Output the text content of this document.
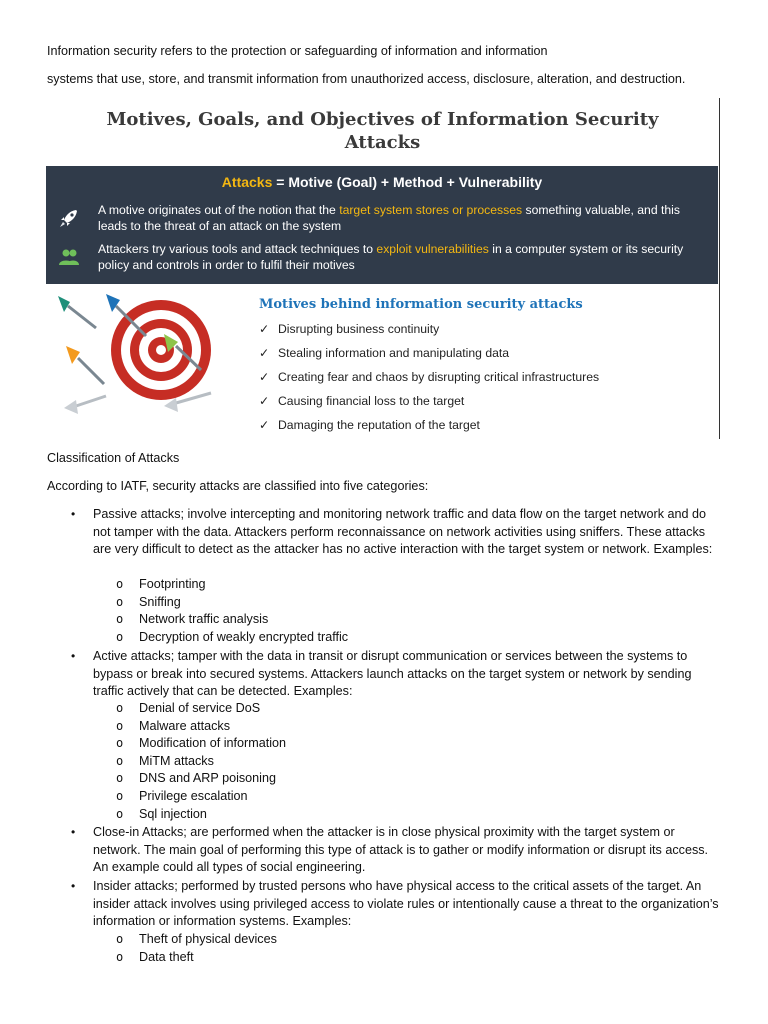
Information security refers to the protection or safeguarding of information and information
systems that use, store, and transmit information from unauthorized access, disclosure, alteration, and destruction.
Motives, Goals, and Objectives of Information Security
Attacks
Attacks = Motive (Goal) + Method + Vulnerability
A motive originates out of the notion that the target system stores or processes something valuable, and this leads to the threat of an attack on the system
Attackers try various tools and attack techniques to exploit vulnerabilities in a computer system or its security policy and controls in order to fulfil their motives
Motives behind information security attacks
✓ Disrupting business continuity
✓ Stealing information and manipulating data
✓ Creating fear and chaos by disrupting critical infrastructures
✓ Causing financial loss to the target
✓ Damaging the reputation of the target
Classification of Attacks
According to IATF, security attacks are classified into five categories:
• Passive attacks; involve intercepting and monitoring network traffic and data flow on the target network and do not tamper with the data. Attackers perform reconnaissance on network activities using sniffers. These attacks are very difficult to detect as the attacker has no active interaction with the target system or network. Examples:
o Footprinting
o Sniffing
o Network traffic analysis
o Decryption of weakly encrypted traffic
• Active attacks; tamper with the data in transit or disrupt communication or services between the systems to bypass or break into secured systems. Attackers launch attacks on the target system or network by sending traffic actively that can be detected. Examples:
o Denial of service DoS
o Malware attacks
o Modification of information
o MiTM attacks
o DNS and ARP poisoning
o Privilege escalation
o Sql injection
• Close-in Attacks; are performed when the attacker is in close physical proximity with the target system or network. The main goal of performing this type of attack is to gather or modify information or disrupt its access. An example could all types of social engineering.
• Insider attacks; performed by trusted persons who have physical access to the critical assets of the target. An insider attack involves using privileged access to violate rules or intentionally cause a threat to the organization’s information or information systems. Examples:
o Theft of physical devices
o Data theft
